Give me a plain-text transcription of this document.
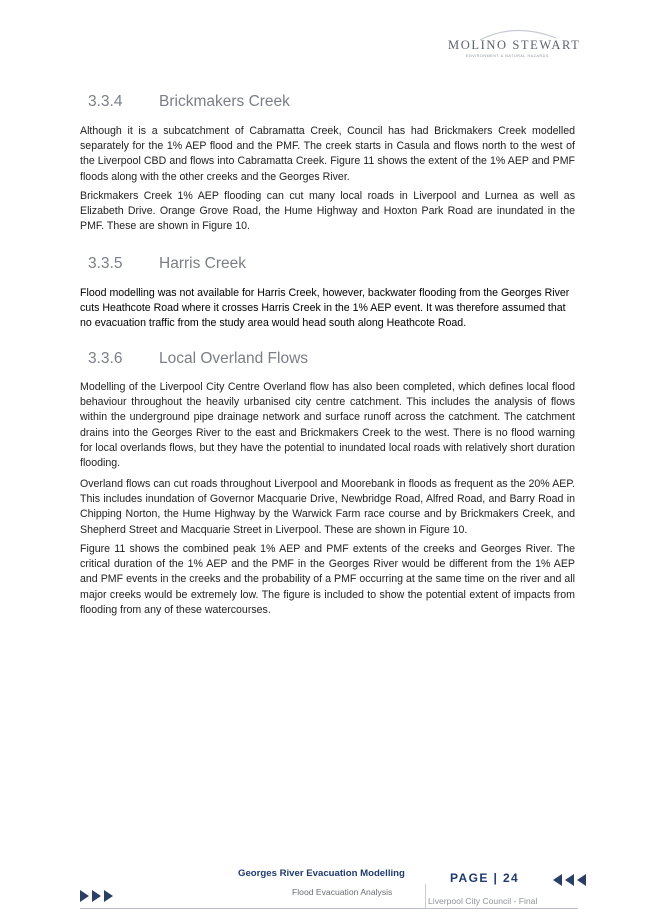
MOLINO STEWART
ENVIRONMENT & NATURAL HAZARDS
3.3.4 Brickmakers Creek

Although it is a subcatchment of Cabramatta Creek, Council has had Brickmakers Creek modelled separately for the 1% AEP flood and the PMF. The creek starts in Casula and flows north to the west of the Liverpool CBD and flows into Cabramatta Creek. Figure 11 shows the extent of the 1% AEP and PMF floods along with the other creeks and the Georges River.

Brickmakers Creek 1% AEP flooding can cut many local roads in Liverpool and Lurnea as well as Elizabeth Drive. Orange Grove Road, the Hume Highway and Hoxton Park Road are inundated in the PMF. These are shown in Figure 10.

3.3.5 Harris Creek

Flood modelling was not available for Harris Creek, however, backwater flooding from the Georges River cuts Heathcote Road where it crosses Harris Creek in the 1% AEP event. It was therefore assumed that no evacuation traffic from the study area would head south along Heathcote Road.

3.3.6 Local Overland Flows

Modelling of the Liverpool City Centre Overland flow has also been completed, which defines local flood behaviour throughout the heavily urbanised city centre catchment. This includes the analysis of flows within the underground pipe drainage network and surface runoff across the catchment. The catchment drains into the Georges River to the east and Brickmakers Creek to the west. There is no flood warning for local overlands flows, but they have the potential to inundated local roads with relatively short duration flooding.

Overland flows can cut roads throughout Liverpool and Moorebank in floods as frequent as the 20% AEP. This includes inundation of Governor Macquarie Drive, Newbridge Road, Alfred Road, and Barry Road in Chipping Norton, the Hume Highway by the Warwick Farm race course and by Brickmakers Creek, and Shepherd Street and Macquarie Street in Liverpool. These are shown in Figure 10.

Figure 11 shows the combined peak 1% AEP and PMF extents of the creeks and Georges River. The critical duration of the 1% AEP and the PMF in the Georges River would be different from the 1% AEP and PMF events in the creeks and the probability of a PMF occurring at the same time on the river and all major creeks would be extremely low. The figure is included to show the potential extent of impacts from flooding from any of these watercourses.

Georges River Evacuation Modelling	PAGE | 24
Flood Evacuation Analysis
Liverpool City Council - Final
